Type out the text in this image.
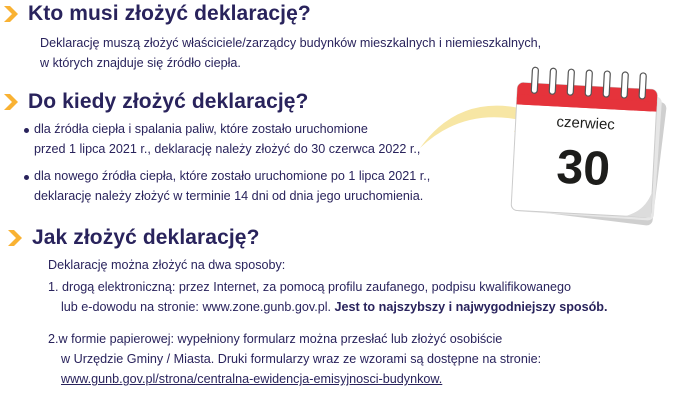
Kto musi złożyć deklarację?
Deklarację muszą złożyć właściciele/zarządcy budynków mieszkalnych i niemieszkalnych,
w których znajduje się źródło ciepła.
Do kiedy złożyć deklarację?
dla źródła ciepła i spalania paliw, które zostało uruchomione
przed 1 lipca 2021 r., deklarację należy złożyć do 30 czerwca 2022 r.,
dla nowego źródła ciepła, które zostało uruchomione po 1 lipca 2021 r.,
deklarację należy złożyć w terminie 14 dni od dnia jego uruchomienia.
czerwiec
30
Jak złożyć deklarację?
Deklarację można złożyć na dwa sposoby:
1. drogą elektroniczną: przez Internet, za pomocą profilu zaufanego, podpisu kwalifikowanego
lub e-dowodu na stronie: www.zone.gunb.gov.pl. Jest to najszybszy i najwygodniejszy sposób.
2.w formie papierowej: wypełniony formularz można przesłać lub złożyć osobiście
w Urzędzie Gminy / Miasta. Druki formularzy wraz ze wzorami są dostępne na stronie:
www.gunb.gov.pl/strona/centralna-ewidencja-emisyjnosci-budynkow.
